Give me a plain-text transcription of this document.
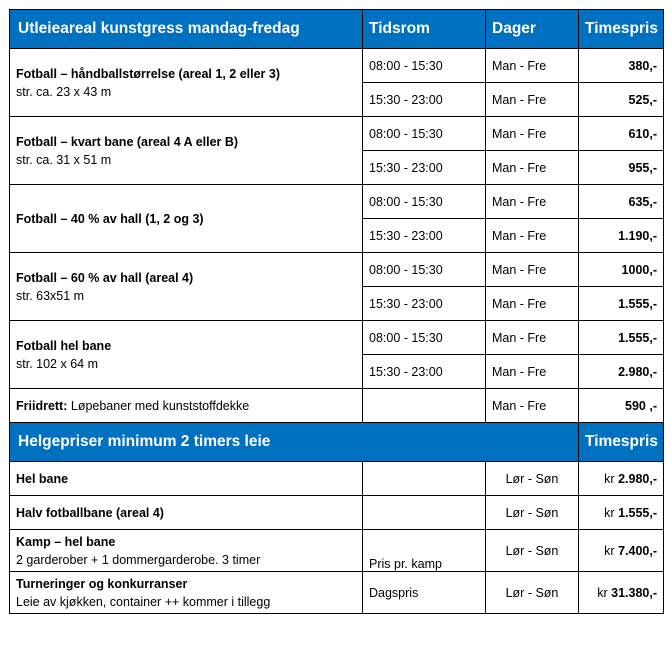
Utleieareal kunstgress mandag-fredag	Tidsrom	Dager	Timespris

Fotball – håndballstørrelse (areal 1, 2 eller 3)
str. ca. 23 x 43 m	08:00 - 15:30	Man - Fre	380,-
	15:30 - 23:00	Man - Fre	525,-

Fotball – kvart bane (areal 4 A eller B)
str. ca. 31 x 51 m	08:00 - 15:30	Man - Fre	610,-
	15:30 - 23:00	Man - Fre	955,-

Fotball – 40 % av hall (1, 2 og 3)	08:00 - 15:30	Man - Fre	635,-
	15:30 - 23:00	Man - Fre	1.190,-

Fotball – 60 % av hall (areal 4)
str. 63x51 m	08:00 - 15:30	Man - Fre	1000,-
	15:30 - 23:00	Man - Fre	1.555,-

Fotball hel bane
str. 102 x 64 m	08:00 - 15:30	Man - Fre	1.555,-
	15:30 - 23:00	Man - Fre	2.980,-
Friidrett: Løpebaner med kunststoffdekke		Man - Fre	590 ,-
Helgepriser minimum 2 timers leie			Timespris

Hel bane		Lør - Søn	kr 2.980,-

Halv fotballbane (areal 4)		Lør - Søn	kr 1.555,-

Kamp – hel bane
2 garderober + 1 dommergarderobe. 3 timer	Pris pr. kamp	Lør - Søn	kr 7.400,-

Turneringer og konkurranser
Leie av kjøkken, container ++ kommer i tillegg	Dagspris	Lør - Søn	kr 31.380,-
